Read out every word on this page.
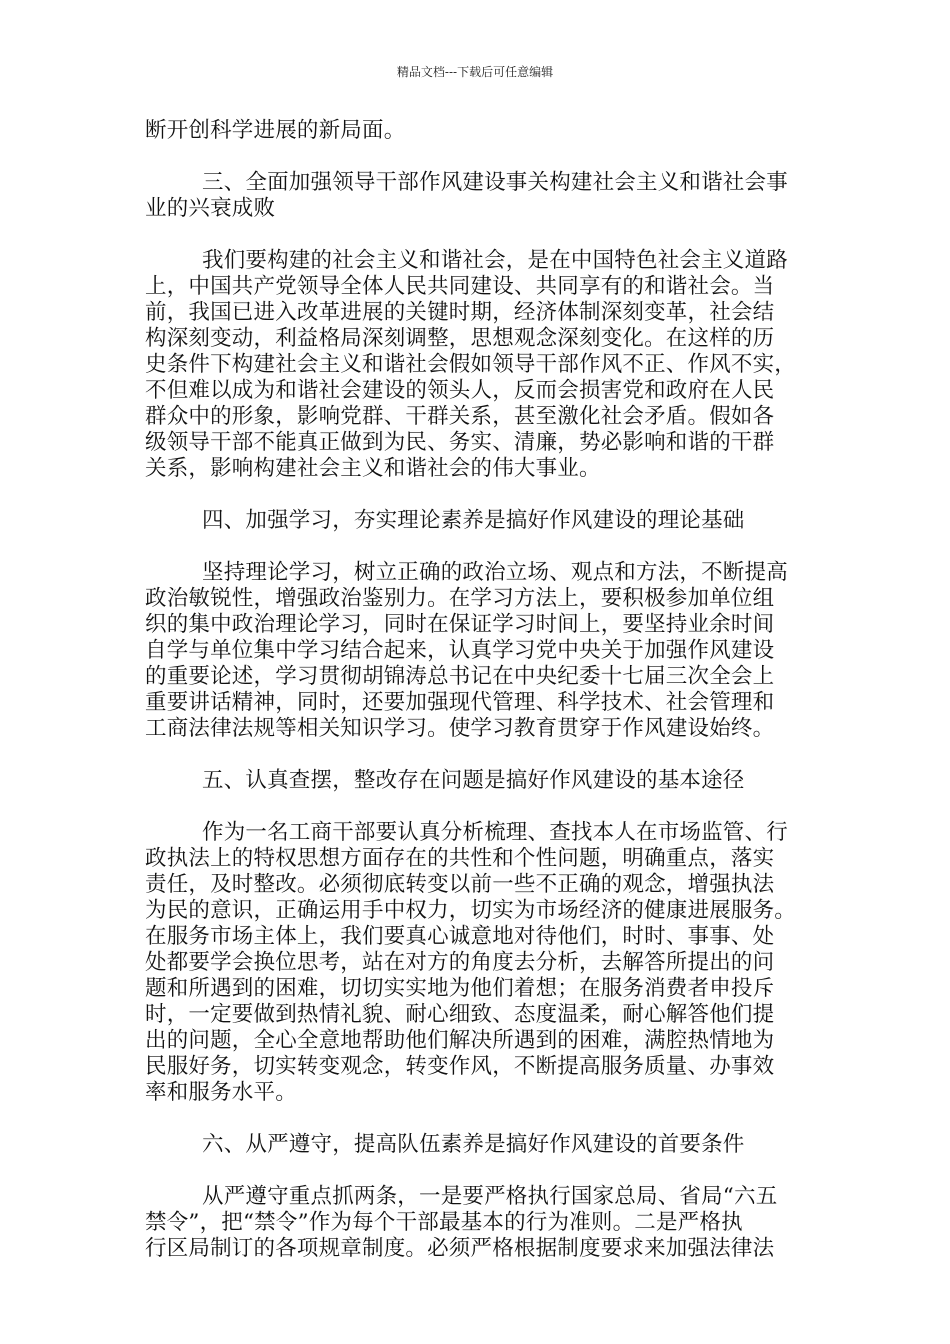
精品文档---下载后可任意编辑
断开创科学进展的新局面。
三、全面加强领导干部作风建设事关构建社会主义和谐社会事
业的兴衰成败
我们要构建的社会主义和谐社会，是在中国特色社会主义道路
上，中国共产党领导全体人民共同建设、共同享有的和谐社会。当
前，我国已进入改革进展的关键时期，经济体制深刻变革，社会结
构深刻变动，利益格局深刻调整，思想观念深刻变化。在这样的历
史条件下构建社会主义和谐社会假如领导干部作风不正、作风不实，
不但难以成为和谐社会建设的领头人，反而会损害党和政府在人民
群众中的形象，影响党群、干群关系，甚至激化社会矛盾。假如各
级领导干部不能真正做到为民、务实、清廉，势必影响和谐的干群
关系，影响构建社会主义和谐社会的伟大事业。
四、加强学习，夯实理论素养是搞好作风建设的理论基础
坚持理论学习，树立正确的政治立场、观点和方法，不断提高
政治敏锐性，增强政治鉴别力。在学习方法上，要积极参加单位组
织的集中政治理论学习，同时在保证学习时间上，要坚持业余时间
自学与单位集中学习结合起来，认真学习党中央关于加强作风建设
的重要论述，学习贯彻胡锦涛总书记在中央纪委十七届三次全会上
重要讲话精神，同时，还要加强现代管理、科学技术、社会管理和
工商法律法规等相关知识学习。使学习教育贯穿于作风建设始终。
五、认真查摆，整改存在问题是搞好作风建设的基本途径
作为一名工商干部要认真分析梳理、查找本人在市场监管、行
政执法上的特权思想方面存在的共性和个性问题，明确重点，落实
责任，及时整改。必须彻底转变以前一些不正确的观念，增强执法
为民的意识，正确运用手中权力，切实为市场经济的健康进展服务。
在服务市场主体上，我们要真心诚意地对待他们，时时、事事、处
处都要学会换位思考，站在对方的角度去分析，去解答所提出的问
题和所遇到的困难，切切实实地为他们着想；在服务消费者申投斥
时，一定要做到热情礼貌、耐心细致、态度温柔，耐心解答他们提
出的问题，全心全意地帮助他们解决所遇到的困难，满腔热情地为
民服好务，切实转变观念，转变作风，不断提高服务质量、办事效
率和服务水平。
六、从严遵守，提高队伍素养是搞好作风建设的首要条件
从严遵守重点抓两条，一是要严格执行国家总局、省局“六五
禁令”，把“禁令”作为每个干部最基本的行为准则。二是严格执
行区局制订的各项规章制度。必须严格根据制度要求来加强法律法
